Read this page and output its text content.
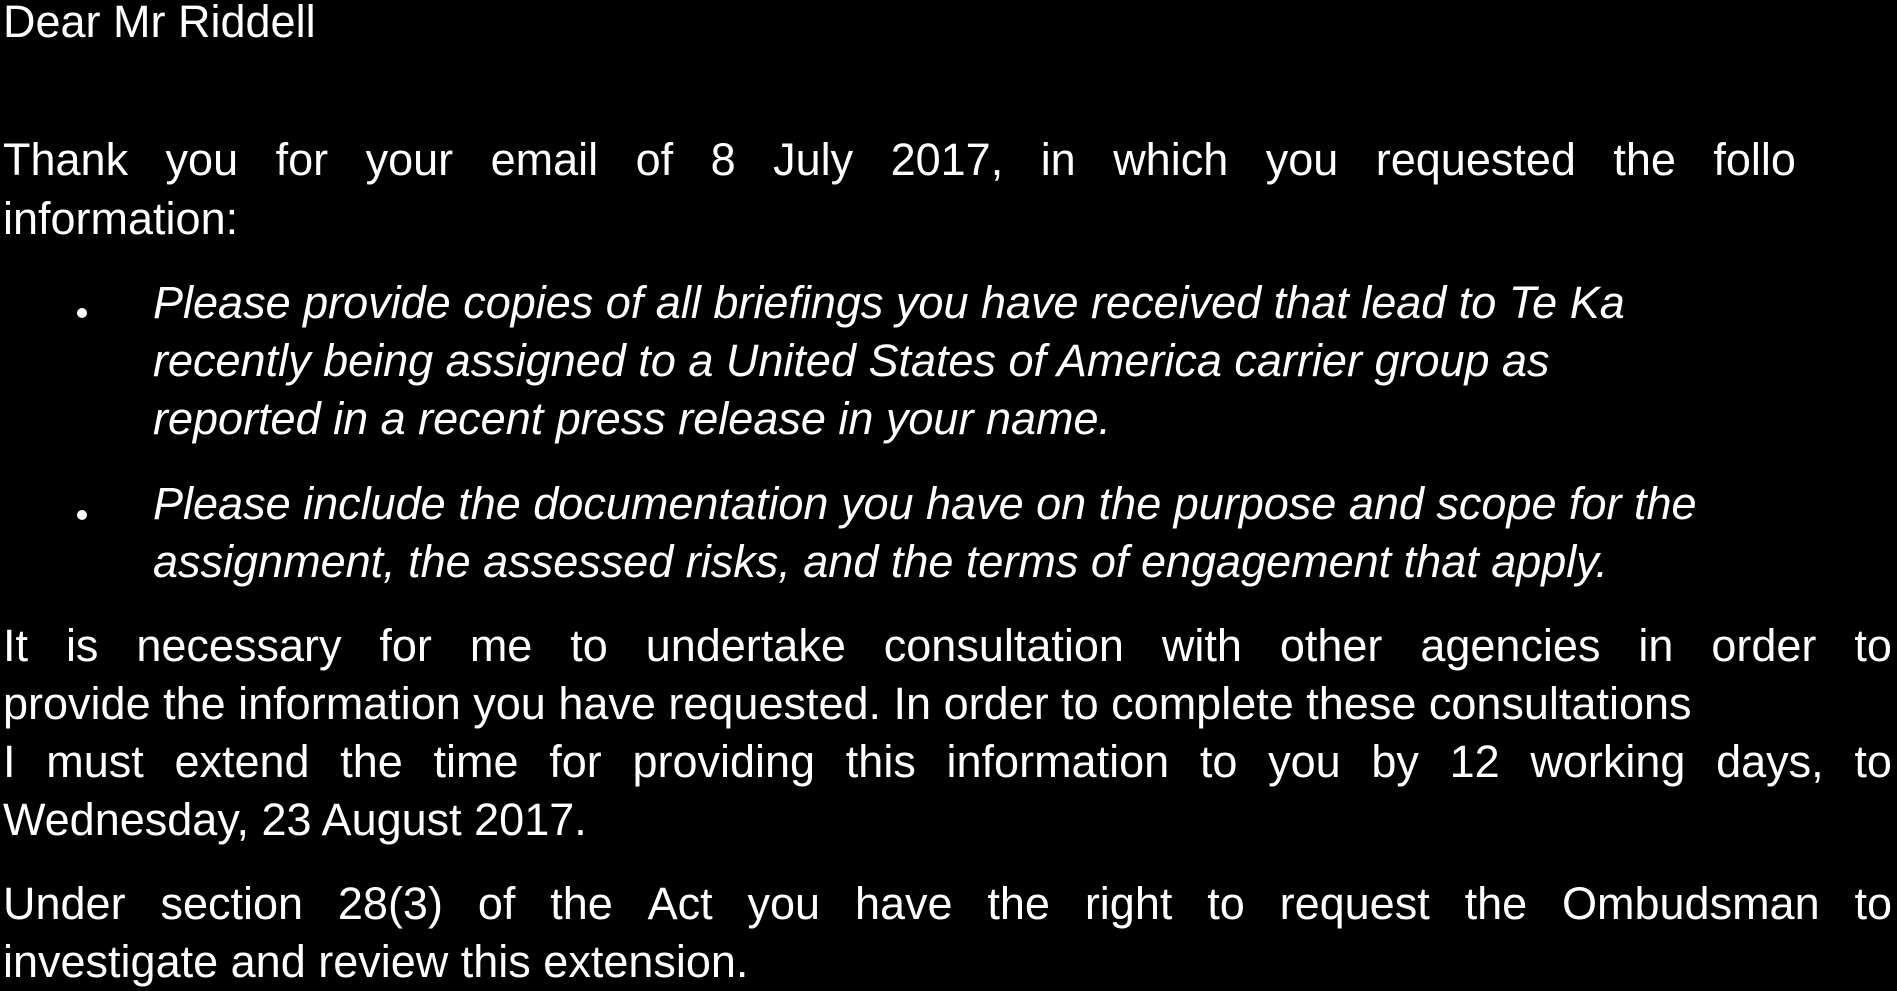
Dear Mr Riddell
Thank you for your email of 8 July 2017, in which you requested the follo
information:
Please provide copies of all briefings you have received that lead to Te Ka
recently being assigned to a United States of America carrier group as
reported in a recent press release in your name.
Please include the documentation you have on the purpose and scope for the
assignment, the assessed risks, and the terms of engagement that apply.
It is necessary for me to undertake consultation with other agencies in order to
provide the information you have requested. In order to complete these consultations
I must extend the time for providing this information to you by 12 working days, to
Wednesday, 23 August 2017.
Under section 28(3) of the Act you have the right to request the Ombudsman to
investigate and review this extension.
